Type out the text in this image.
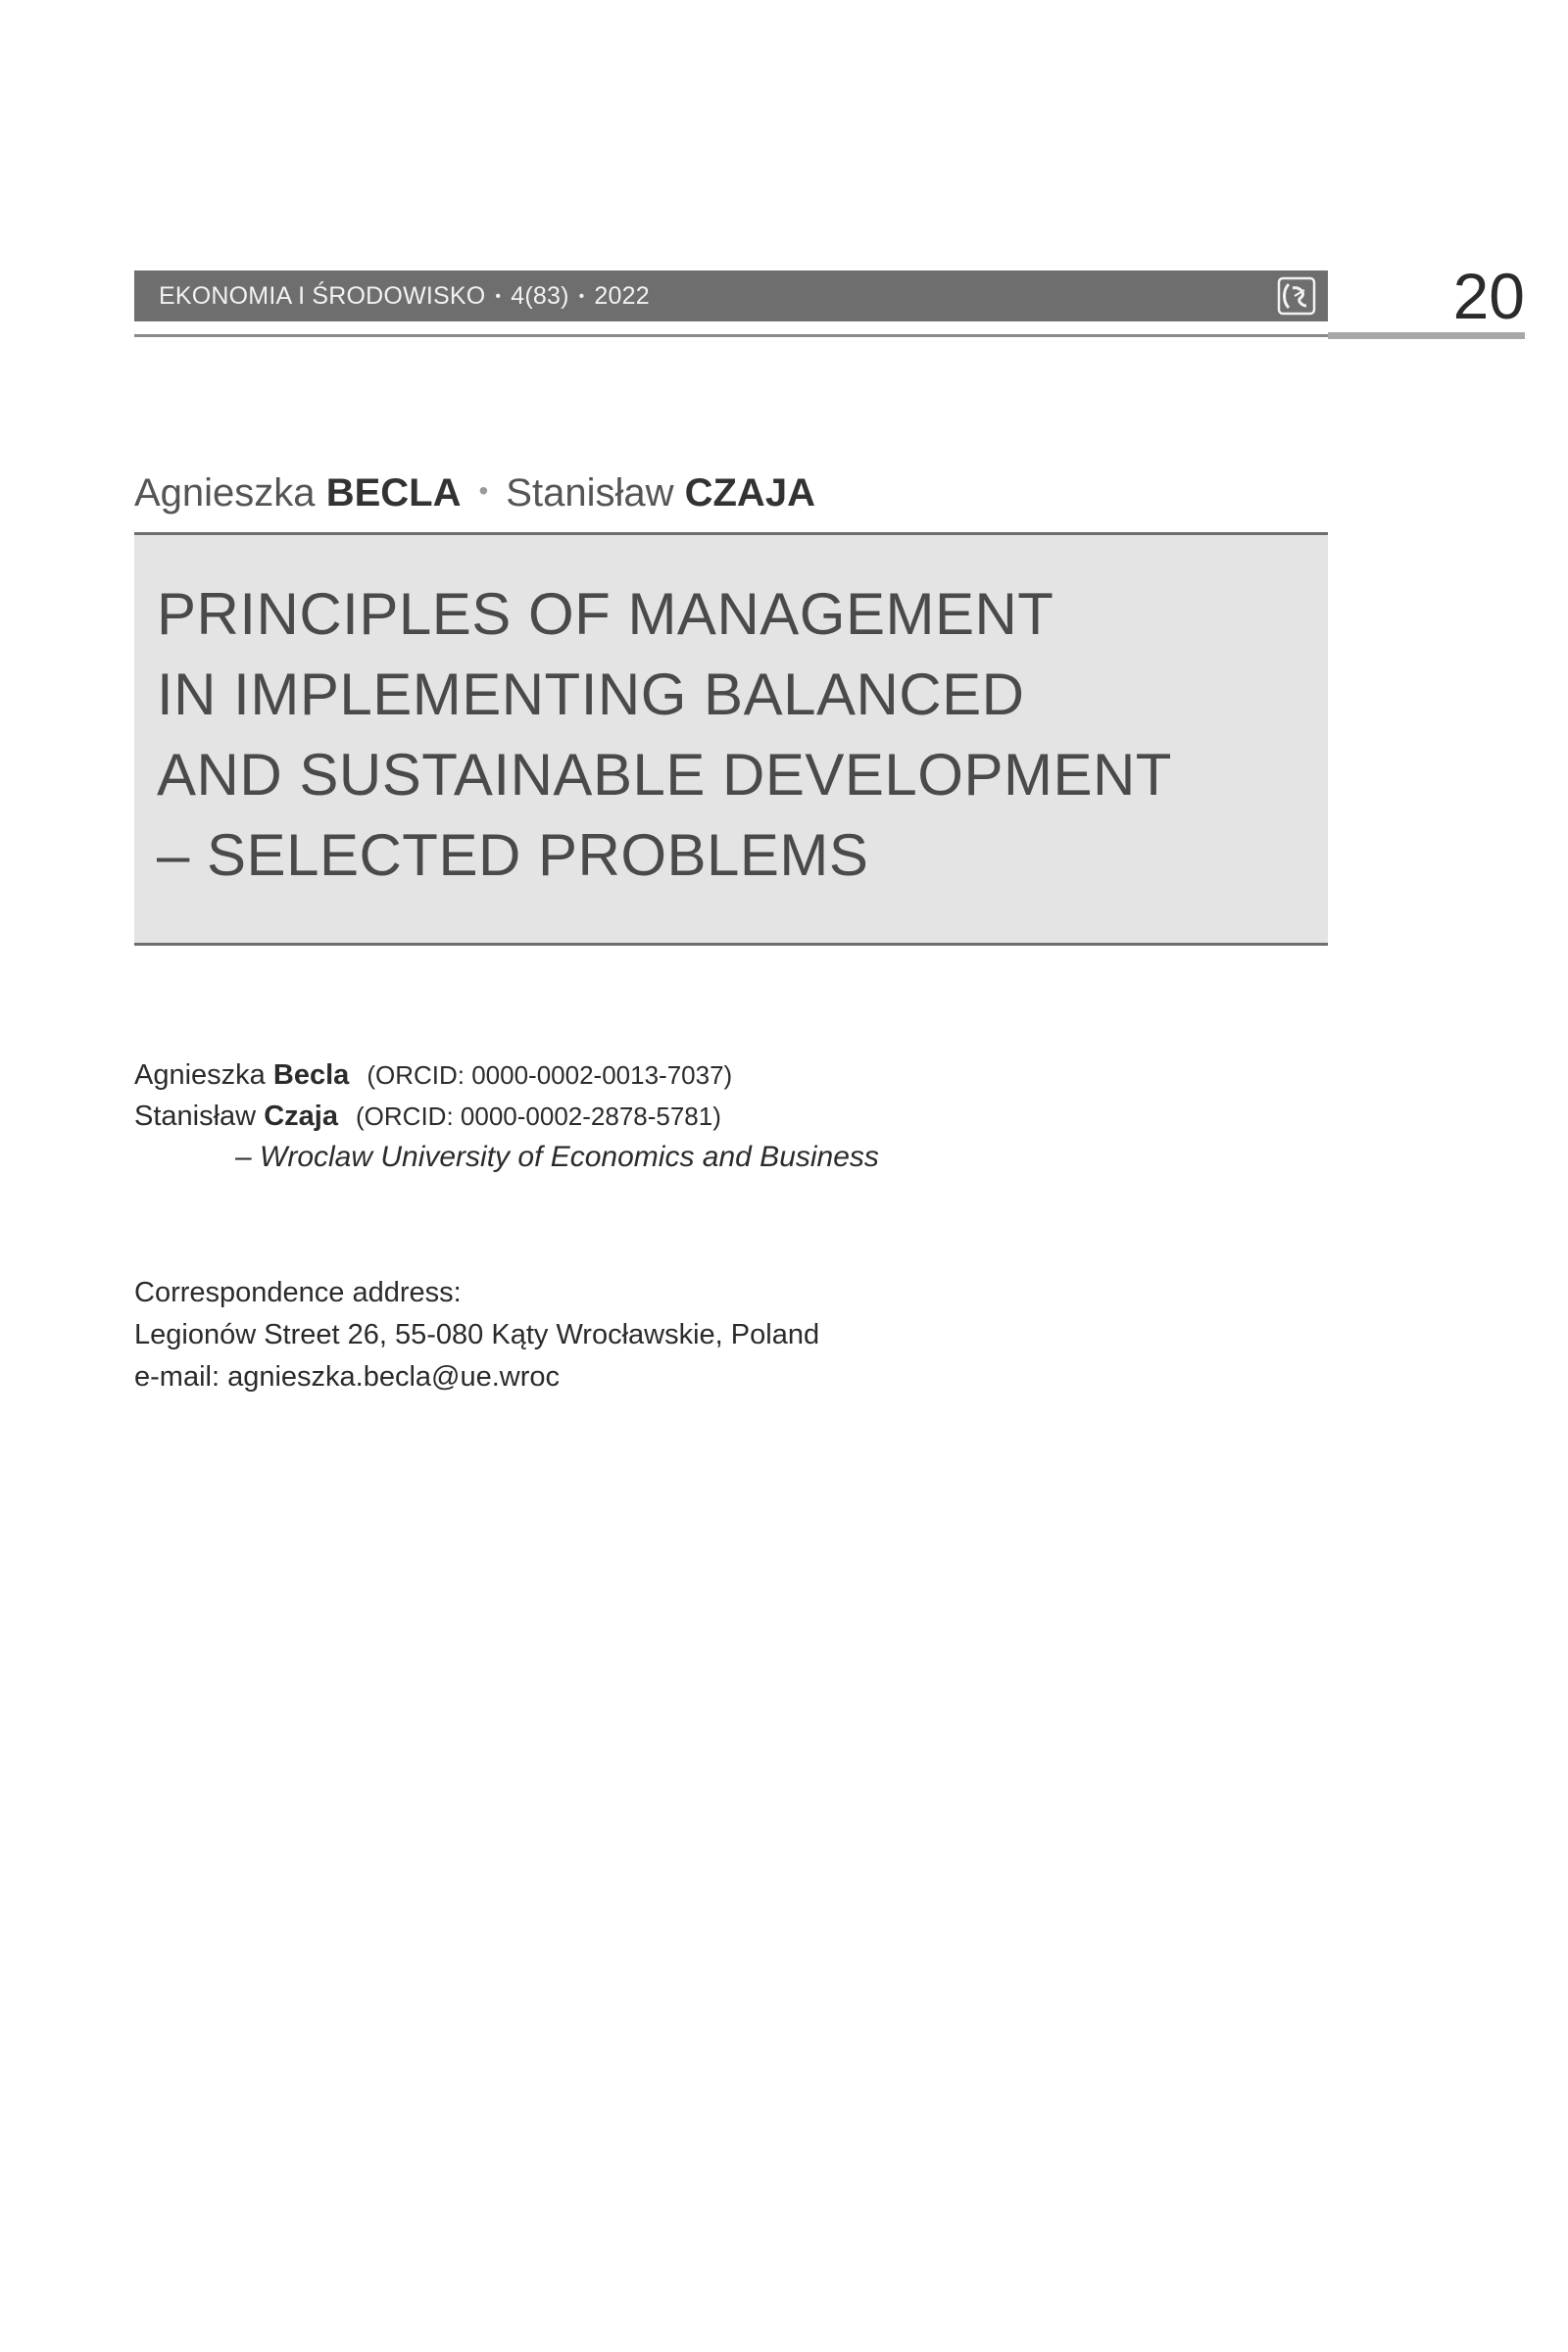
EKONOMIA I ŚRODOWISKO • 4(83) • 2022	20
Agnieszka BECLA • Stanisław CZAJA
PRINCIPLES OF MANAGEMENT
IN IMPLEMENTING BALANCED
AND SUSTAINABLE DEVELOPMENT
– SELECTED PROBLEMS
Agnieszka Becla (ORCID: 0000-0002-0013-7037)
Stanisław Czaja (ORCID: 0000-0002-2878-5781)
– Wroclaw University of Economics and Business
Correspondence address:
Legionów Street 26, 55-080 Kąty Wrocławskie, Poland
e-mail: agnieszka.becla@ue.wroc
